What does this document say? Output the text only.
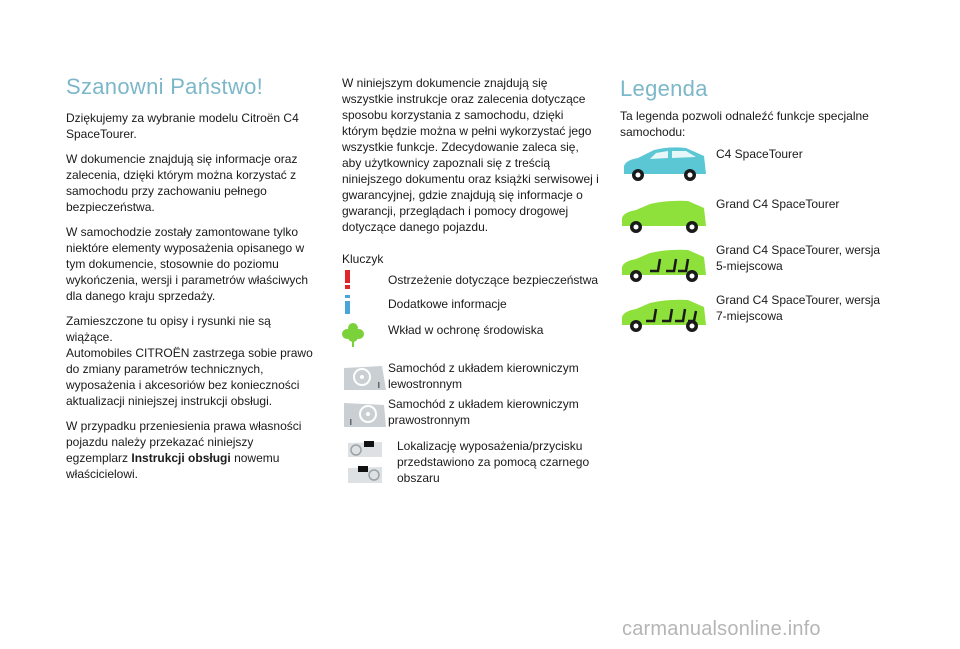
Szanowni Państwo!

Dziękujemy za wybranie modelu Citroën C4 SpaceTourer.

W dokumencie znajdują się informacje oraz zalecenia, dzięki którym można korzystać z samochodu przy zachowaniu pełnego bezpieczeństwa.

W samochodzie zostały zamontowane tylko niektóre elementy wyposażenia opisanego w tym dokumencie, stosownie do poziomu wykończenia, wersji i parametrów właściwych dla danego kraju sprzedaży.

Zamieszczone tu opisy i rysunki nie są wiążące.

Automobiles CITROËN zastrzega sobie prawo do zmiany parametrów technicznych, wyposażenia i akcesoriów bez konieczności aktualizacji niniejszej instrukcji obsługi.

W przypadku przeniesienia prawa własności pojazdu należy przekazać niniejszy egzemplarz Instrukcji obsługi nowemu właścicielowi.

W niniejszym dokumencie znajdują się wszystkie instrukcje oraz zalecenia dotyczące sposobu korzystania z samochodu, dzięki którym będzie można w pełni wykorzystać jego wszystkie funkcje. Zdecydowanie zaleca się, aby użytkownicy zapoznali się z treścią niniejszego dokumentu oraz książki serwisowej i gwarancyjnej, gdzie znajdują się informacje o gwarancji, przeglądach i pomocy drogowej dotyczące danego pojazdu.

Kluczyk
Ostrzeżenie dotyczące bezpieczeństwa
Dodatkowe informacje
Wkład w ochronę środowiska
Samochód z układem kierowniczym lewostronnym
Samochód z układem kierowniczym prawostronnym
Lokalizację wyposażenia/przycisku przedstawiono za pomocą czarnego obszaru
Legenda

Ta legenda pozwoli odnaleźć funkcje specjalne samochodu:

C4 SpaceTourer
Grand C4 SpaceTourer
Grand C4 SpaceTourer, wersja 5-miejscowa
Grand C4 SpaceTourer, wersja 7-miejscowa
carmanualsonline.info
